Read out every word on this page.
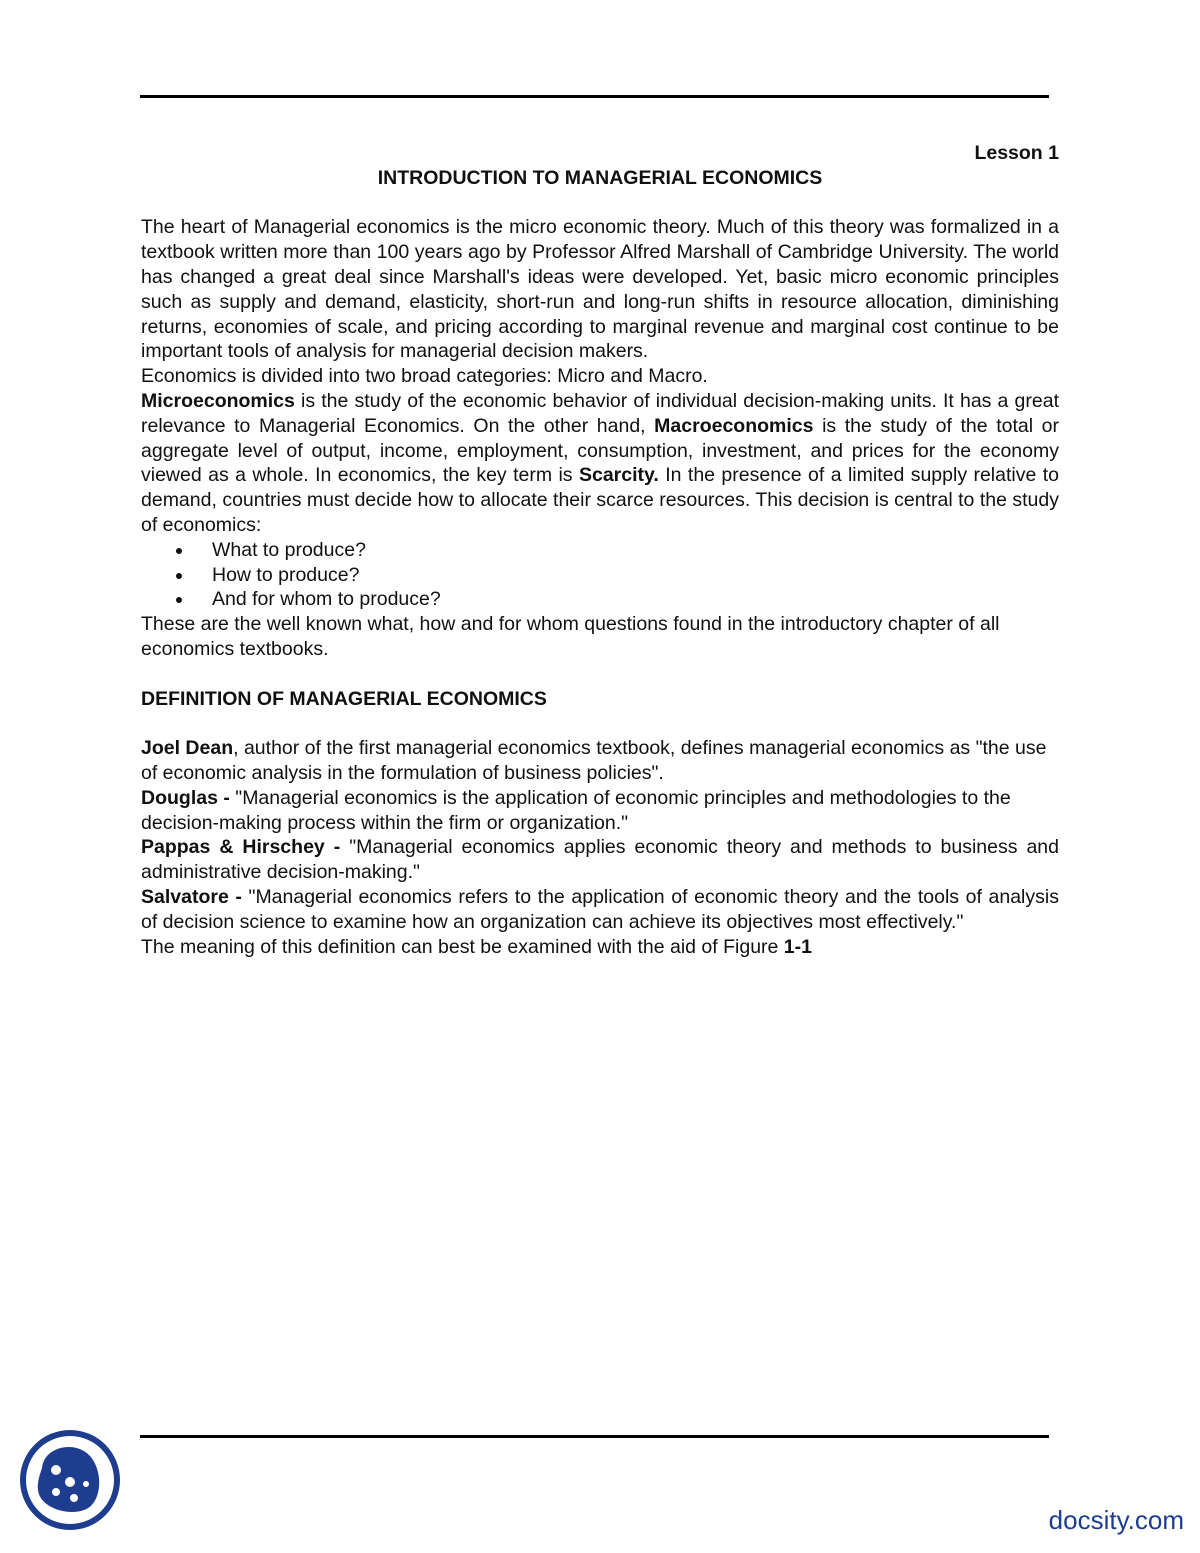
Lesson 1

INTRODUCTION TO MANAGERIAL ECONOMICS

The heart of Managerial economics is the micro economic theory. Much of this theory was formalized in a textbook written more than 100 years ago by Professor Alfred Marshall of Cambridge University. The world has changed a great deal since Marshall's ideas were developed. Yet, basic micro economic principles such as supply and demand, elasticity, short-run and long-run shifts in resource allocation, diminishing returns, economies of scale, and pricing according to marginal revenue and marginal cost continue to be important tools of analysis for managerial decision makers.

Economics is divided into two broad categories: Micro and Macro.

Microeconomics is the study of the economic behavior of individual decision-making units. It has a great relevance to Managerial Economics. On the other hand, Macroeconomics is the study of the total or aggregate level of output, income, employment, consumption, investment, and prices for the economy viewed as a whole. In economics, the key term is Scarcity. In the presence of a limited supply relative to demand, countries must decide how to allocate their scarce resources. This decision is central to the study of economics:

What to produce?
How to produce?
And for whom to produce?

These are the well known what, how and for whom questions found in the introductory chapter of all economics textbooks.

DEFINITION OF MANAGERIAL ECONOMICS

Joel Dean, author of the first managerial economics textbook, defines managerial economics as "the use of economic analysis in the formulation of business policies".

Douglas - "Managerial economics is the application of economic principles and methodologies to the decision-making process within the firm or organization."

Pappas & Hirschey - "Managerial economics applies economic theory and methods to business and administrative decision-making."

Salvatore - "Managerial economics refers to the application of economic theory and the tools of analysis of decision science to examine how an organization can achieve its objectives most effectively."

The meaning of this definition can best be examined with the aid of Figure 1-1

docsity.com
